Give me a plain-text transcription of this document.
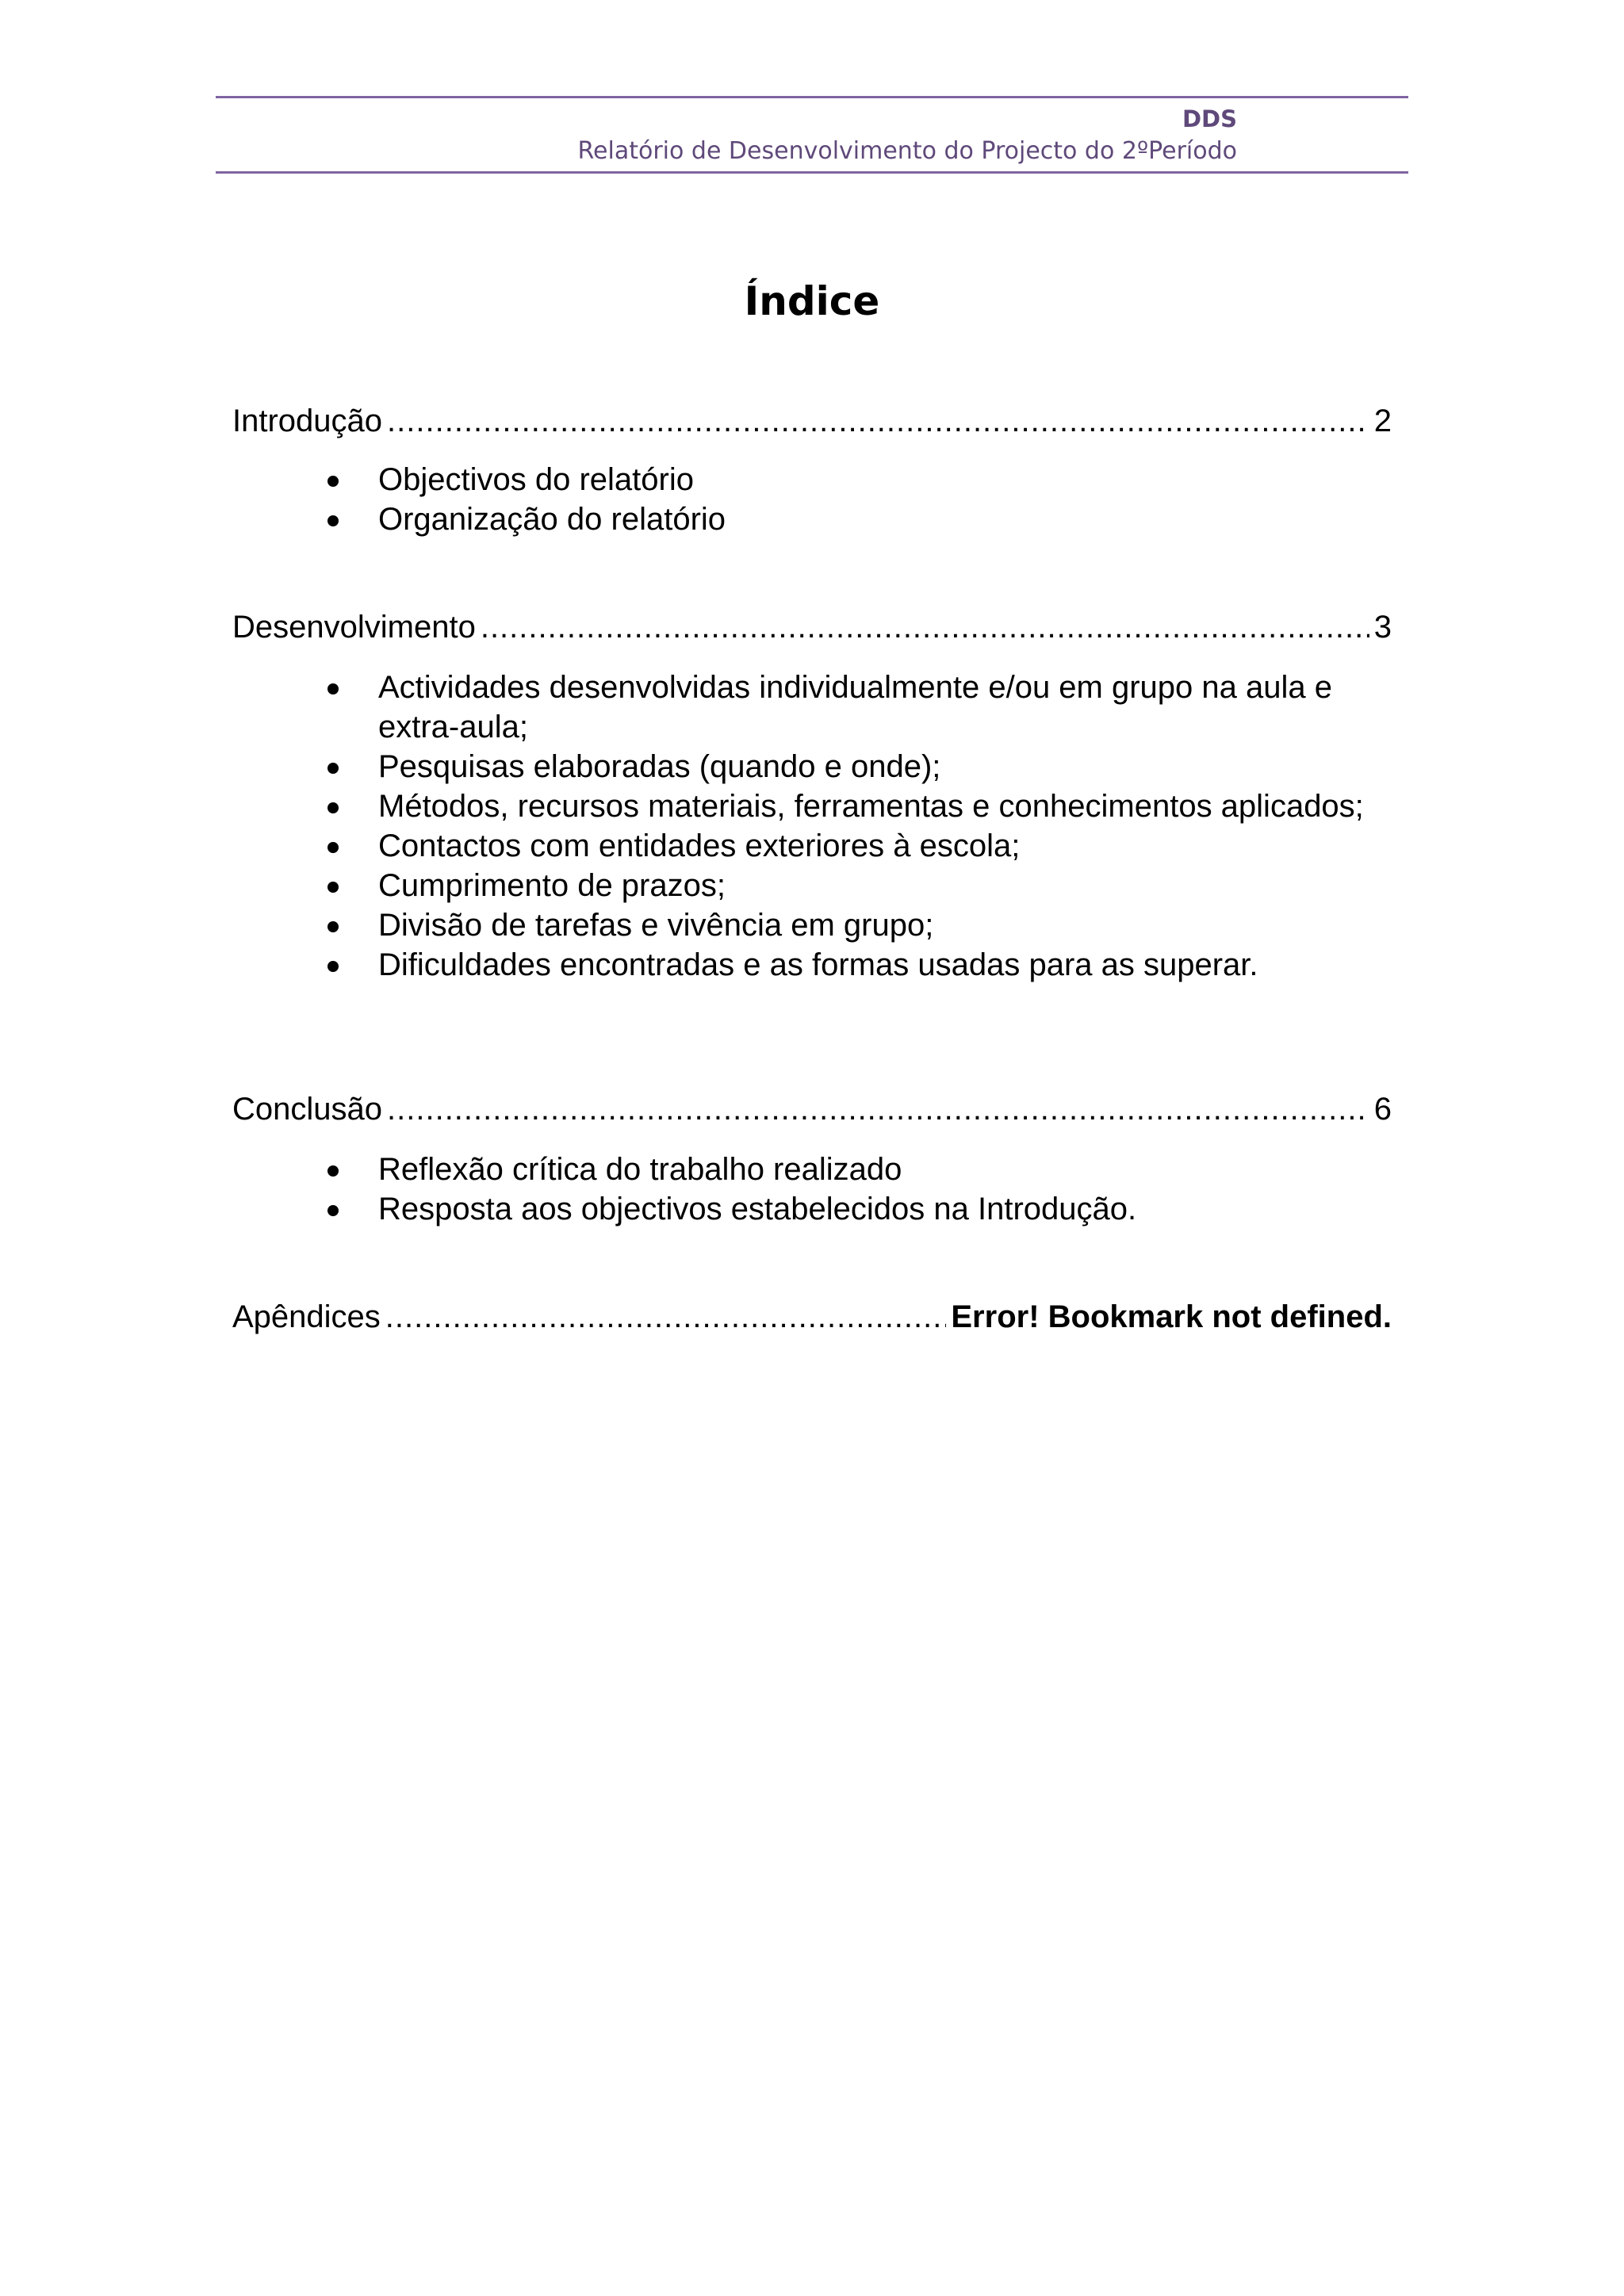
DDS
Relatório de Desenvolvimento do Projecto do 2ºPeríodo
Índice
Introdução .....	2
Objectivos do relatório
Organização do relatório
Desenvolvimento .....	3
Actividades desenvolvidas individualmente e/ou em grupo na aula e extra-aula;
Pesquisas elaboradas (quando e onde);
Métodos, recursos materiais, ferramentas e conhecimentos aplicados;
Contactos com entidades exteriores à escola;
Cumprimento de prazos;
Divisão de tarefas e vivência em grupo;
Dificuldades encontradas e as formas usadas para as superar.
Conclusão .....	6
Reflexão crítica do trabalho realizado
Resposta aos objectivos estabelecidos na Introdução.
Apêndices .....	Error! Bookmark not defined.
